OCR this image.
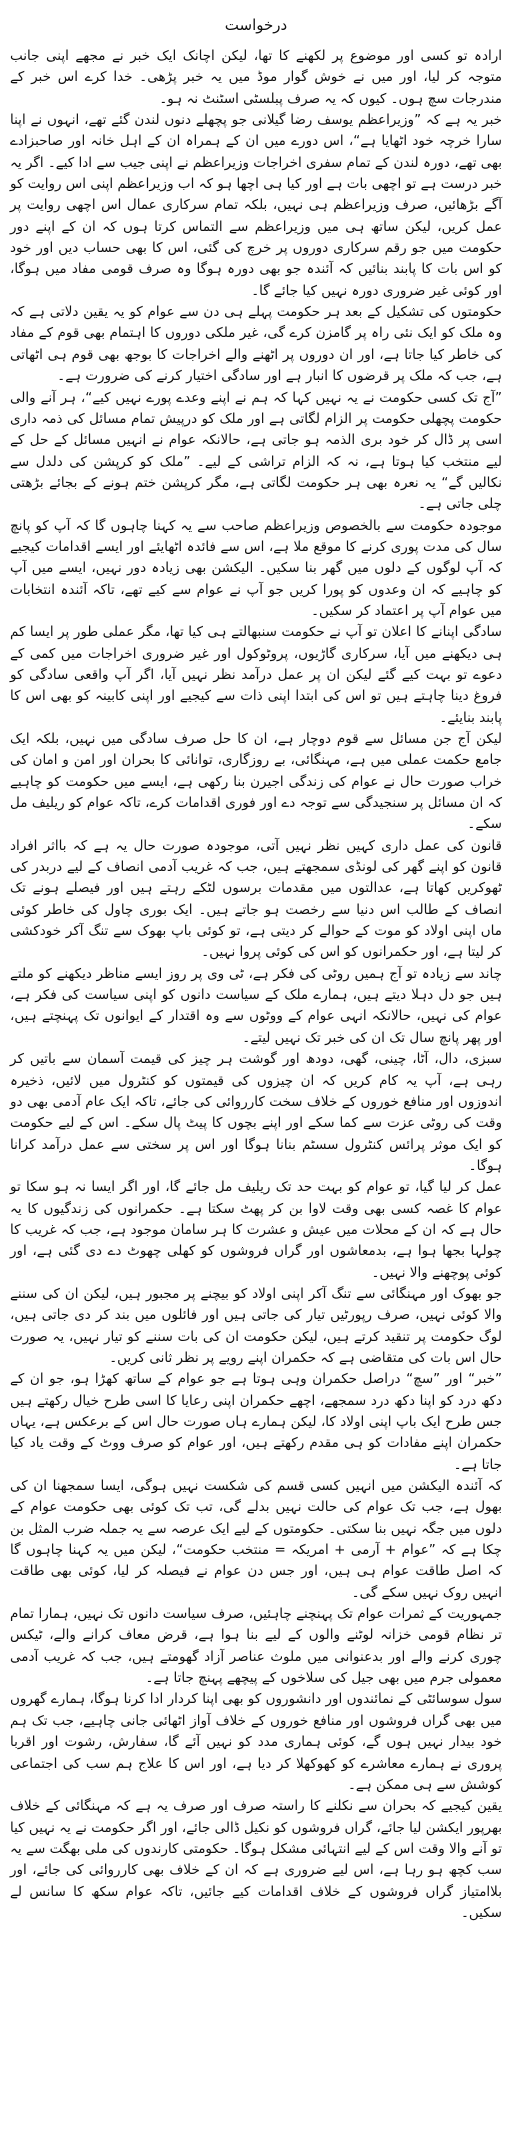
درخواست

ارادہ تو کسی اور موضوع پر لکھنے کا تھا، لیکن اچانک ایک خبر نے مجھے اپنی جانب متوجہ کر لیا، اور میں نے خوش گوار موڈ میں یہ خبر پڑھی۔ خدا کرے اس خبر کے مندرجات سچ ہوں۔ کیوں کہ یہ صرف پبلسٹی اسٹنٹ نہ ہو۔

خبر یہ ہے کہ ”وزیراعظم یوسف رضا گیلانی جو پچھلے دنوں لندن گئے تھے، انہوں نے اپنا سارا خرچہ خود اٹھایا ہے“، اس دورے میں ان کے ہمراہ ان کے اہل خانہ اور صاحبزادے بھی تھے، دورہ لندن کے تمام سفری اخراجات وزیراعظم نے اپنی جیب سے ادا کیے۔ اگر یہ خبر درست ہے تو اچھی بات ہے اور کیا ہی اچھا ہو کہ اب وزیراعظم اپنی اس روایت کو آگے بڑھائیں، صرف وزیراعظم ہی نہیں، بلکہ تمام سرکاری عمال اس اچھی روایت پر عمل کریں، لیکن ساتھ ہی میں وزیراعظم سے التماس کرتا ہوں کہ ان کے اپنے دور حکومت میں جو رقم سرکاری دوروں پر خرچ کی گئی، اس کا بھی حساب دیں اور خود کو اس بات کا پابند بنائیں کہ آئندہ جو بھی دورہ ہوگا وہ صرف قومی مفاد میں ہوگا، اور کوئی غیر ضروری دورہ نہیں کیا جائے گا۔

حکومتوں کی تشکیل کے بعد ہر حکومت پہلے ہی دن سے عوام کو یہ یقین دلاتی ہے کہ وہ ملک کو ایک نئی راہ پر گامزن کرے گی، غیر ملکی دوروں کا اہتمام بھی قوم کے مفاد کی خاطر کیا جاتا ہے، اور ان دوروں پر اٹھنے والے اخراجات کا بوجھ بھی قوم ہی اٹھاتی ہے، جب کہ ملک پر قرضوں کا انبار ہے اور سادگی اختیار کرنے کی ضرورت ہے۔

”آج تک کسی حکومت نے یہ نہیں کہا کہ ہم نے اپنے وعدے پورے نہیں کیے“، ہر آنے والی حکومت پچھلی حکومت پر الزام لگاتی ہے اور ملک کو درپیش تمام مسائل کی ذمہ داری اسی پر ڈال کر خود بری الذمہ ہو جاتی ہے، حالانکہ عوام نے انہیں مسائل کے حل کے لیے منتخب کیا ہوتا ہے، نہ کہ الزام تراشی کے لیے۔ ”ملک کو کرپشن کی دلدل سے نکالیں گے“ یہ نعرہ بھی ہر حکومت لگاتی ہے، مگر کرپشن ختم ہونے کے بجائے بڑھتی چلی جاتی ہے۔

موجودہ حکومت سے بالخصوص وزیراعظم صاحب سے یہ کہنا چاہوں گا کہ آپ کو پانچ سال کی مدت پوری کرنے کا موقع ملا ہے، اس سے فائدہ اٹھایئے اور ایسے اقدامات کیجیے کہ آپ لوگوں کے دلوں میں گھر بنا سکیں۔ الیکشن بھی زیادہ دور نہیں، ایسے میں آپ کو چاہیے کہ ان وعدوں کو پورا کریں جو آپ نے عوام سے کیے تھے، تاکہ آئندہ انتخابات میں عوام آپ پر اعتماد کر سکیں۔

سادگی اپنانے کا اعلان تو آپ نے حکومت سنبھالتے ہی کیا تھا، مگر عملی طور پر ایسا کم ہی دیکھنے میں آیا، سرکاری گاڑیوں، پروٹوکول اور غیر ضروری اخراجات میں کمی کے دعوے تو بہت کیے گئے لیکن ان پر عمل درآمد نظر نہیں آیا، اگر آپ واقعی سادگی کو فروغ دینا چاہتے ہیں تو اس کی ابتدا اپنی ذات سے کیجیے اور اپنی کابینہ کو بھی اس کا پابند بنایئے۔

لیکن آج جن مسائل سے قوم دوچار ہے، ان کا حل صرف سادگی میں نہیں، بلکہ ایک جامع حکمت عملی میں ہے، مہنگائی، بے روزگاری، توانائی کا بحران اور امن و امان کی خراب صورت حال نے عوام کی زندگی اجیرن بنا رکھی ہے، ایسے میں حکومت کو چاہیے کہ ان مسائل پر سنجیدگی سے توجہ دے اور فوری اقدامات کرے، تاکہ عوام کو ریلیف مل سکے۔

قانون کی عمل داری کہیں نظر نہیں آتی، موجودہ صورت حال یہ ہے کہ بااثر افراد قانون کو اپنے گھر کی لونڈی سمجھتے ہیں، جب کہ غریب آدمی انصاف کے لیے دربدر کی ٹھوکریں کھاتا ہے، عدالتوں میں مقدمات برسوں لٹکے رہتے ہیں اور فیصلے ہونے تک انصاف کے طالب اس دنیا سے رخصت ہو جاتے ہیں۔ ایک بوری چاول کی خاطر کوئی ماں اپنی اولاد کو موت کے حوالے کر دیتی ہے، تو کوئی باپ بھوک سے تنگ آکر خودکشی کر لیتا ہے، اور حکمرانوں کو اس کی کوئی پروا نہیں۔

چاند سے زیادہ تو آج ہمیں روٹی کی فکر ہے، ٹی وی پر روز ایسے مناظر دیکھنے کو ملتے ہیں جو دل دہلا دیتے ہیں، ہمارے ملک کے سیاست دانوں کو اپنی سیاست کی فکر ہے، عوام کی نہیں، حالانکہ انہی عوام کے ووٹوں سے وہ اقتدار کے ایوانوں تک پہنچتے ہیں، اور پھر پانچ سال تک ان کی خبر تک نہیں لیتے۔

سبزی، دال، آٹا، چینی، گھی، دودھ اور گوشت ہر چیز کی قیمت آسمان سے باتیں کر رہی ہے، آپ یہ کام کریں کہ ان چیزوں کی قیمتوں کو کنٹرول میں لائیں، ذخیرہ اندوزوں اور منافع خوروں کے خلاف سخت کارروائی کی جائے، تاکہ ایک عام آدمی بھی دو وقت کی روٹی عزت سے کما سکے اور اپنے بچوں کا پیٹ پال سکے۔ اس کے لیے حکومت کو ایک موثر پرائس کنٹرول سسٹم بنانا ہوگا اور اس پر سختی سے عمل درآمد کرانا ہوگا۔

عمل کر لیا گیا، تو عوام کو بہت حد تک ریلیف مل جائے گا، اور اگر ایسا نہ ہو سکا تو عوام کا غصہ کسی بھی وقت لاوا بن کر پھٹ سکتا ہے۔ حکمرانوں کی زندگیوں کا یہ حال ہے کہ ان کے محلات میں عیش و عشرت کا ہر سامان موجود ہے، جب کہ غریب کا چولہا بجھا ہوا ہے، بدمعاشوں اور گراں فروشوں کو کھلی چھوٹ دے دی گئی ہے، اور کوئی پوچھنے والا نہیں۔

جو بھوک اور مہنگائی سے تنگ آکر اپنی اولاد کو بیچنے پر مجبور ہیں، لیکن ان کی سننے والا کوئی نہیں، صرف رپورٹیں تیار کی جاتی ہیں اور فائلوں میں بند کر دی جاتی ہیں، لوگ حکومت پر تنقید کرتے ہیں، لیکن حکومت ان کی بات سننے کو تیار نہیں، یہ صورت حال اس بات کی متقاضی ہے کہ حکمران اپنے رویے پر نظر ثانی کریں۔

”خبر“ اور ”سچ“ دراصل حکمران وہی ہوتا ہے جو عوام کے ساتھ کھڑا ہو، جو ان کے دکھ درد کو اپنا دکھ درد سمجھے، اچھے حکمران اپنی رعایا کا اسی طرح خیال رکھتے ہیں جس طرح ایک باپ اپنی اولاد کا، لیکن ہمارے ہاں صورت حال اس کے برعکس ہے، یہاں حکمران اپنے مفادات کو ہی مقدم رکھتے ہیں، اور عوام کو صرف ووٹ کے وقت یاد کیا جاتا ہے۔

کہ آئندہ الیکشن میں انہیں کسی قسم کی شکست نہیں ہوگی، ایسا سمجھنا ان کی بھول ہے، جب تک عوام کی حالت نہیں بدلے گی، تب تک کوئی بھی حکومت عوام کے دلوں میں جگہ نہیں بنا سکتی۔ حکومتوں کے لیے ایک عرصہ سے یہ جملہ ضرب المثل بن چکا ہے کہ ”عوام + آرمی + امریکہ = منتخب حکومت“، لیکن میں یہ کہنا چاہوں گا کہ اصل طاقت عوام ہی ہیں، اور جس دن عوام نے فیصلہ کر لیا، کوئی بھی طاقت انہیں روک نہیں سکے گی۔

جمہوریت کے ثمرات عوام تک پہنچنے چاہئیں، صرف سیاست دانوں تک نہیں، ہمارا تمام تر نظام قومی خزانہ لوٹنے والوں کے لیے بنا ہوا ہے، قرض معاف کرانے والے، ٹیکس چوری کرنے والے اور بدعنوانی میں ملوث عناصر آزاد گھومتے ہیں، جب کہ غریب آدمی معمولی جرم میں بھی جیل کی سلاخوں کے پیچھے پہنچ جاتا ہے۔

سول سوسائٹی کے نمائندوں اور دانشوروں کو بھی اپنا کردار ادا کرنا ہوگا، ہمارے گھروں میں بھی گراں فروشوں اور منافع خوروں کے خلاف آواز اٹھائی جانی چاہیے، جب تک ہم خود بیدار نہیں ہوں گے، کوئی ہماری مدد کو نہیں آئے گا، سفارش، رشوت اور اقربا پروری نے ہمارے معاشرے کو کھوکھلا کر دیا ہے، اور اس کا علاج ہم سب کی اجتماعی کوشش سے ہی ممکن ہے۔

یقین کیجیے کہ بحران سے نکلنے کا راستہ صرف اور صرف یہ ہے کہ مہنگائی کے خلاف بھرپور ایکشن لیا جائے، گراں فروشوں کو نکیل ڈالی جائے، اور اگر حکومت نے یہ نہیں کیا تو آنے والا وقت اس کے لیے انتہائی مشکل ہوگا۔ حکومتی کارندوں کی ملی بھگت سے یہ سب کچھ ہو رہا ہے، اس لیے ضروری ہے کہ ان کے خلاف بھی کارروائی کی جائے، اور بلاامتیاز گراں فروشوں کے خلاف اقدامات کیے جائیں، تاکہ عوام سکھ کا سانس لے سکیں۔
